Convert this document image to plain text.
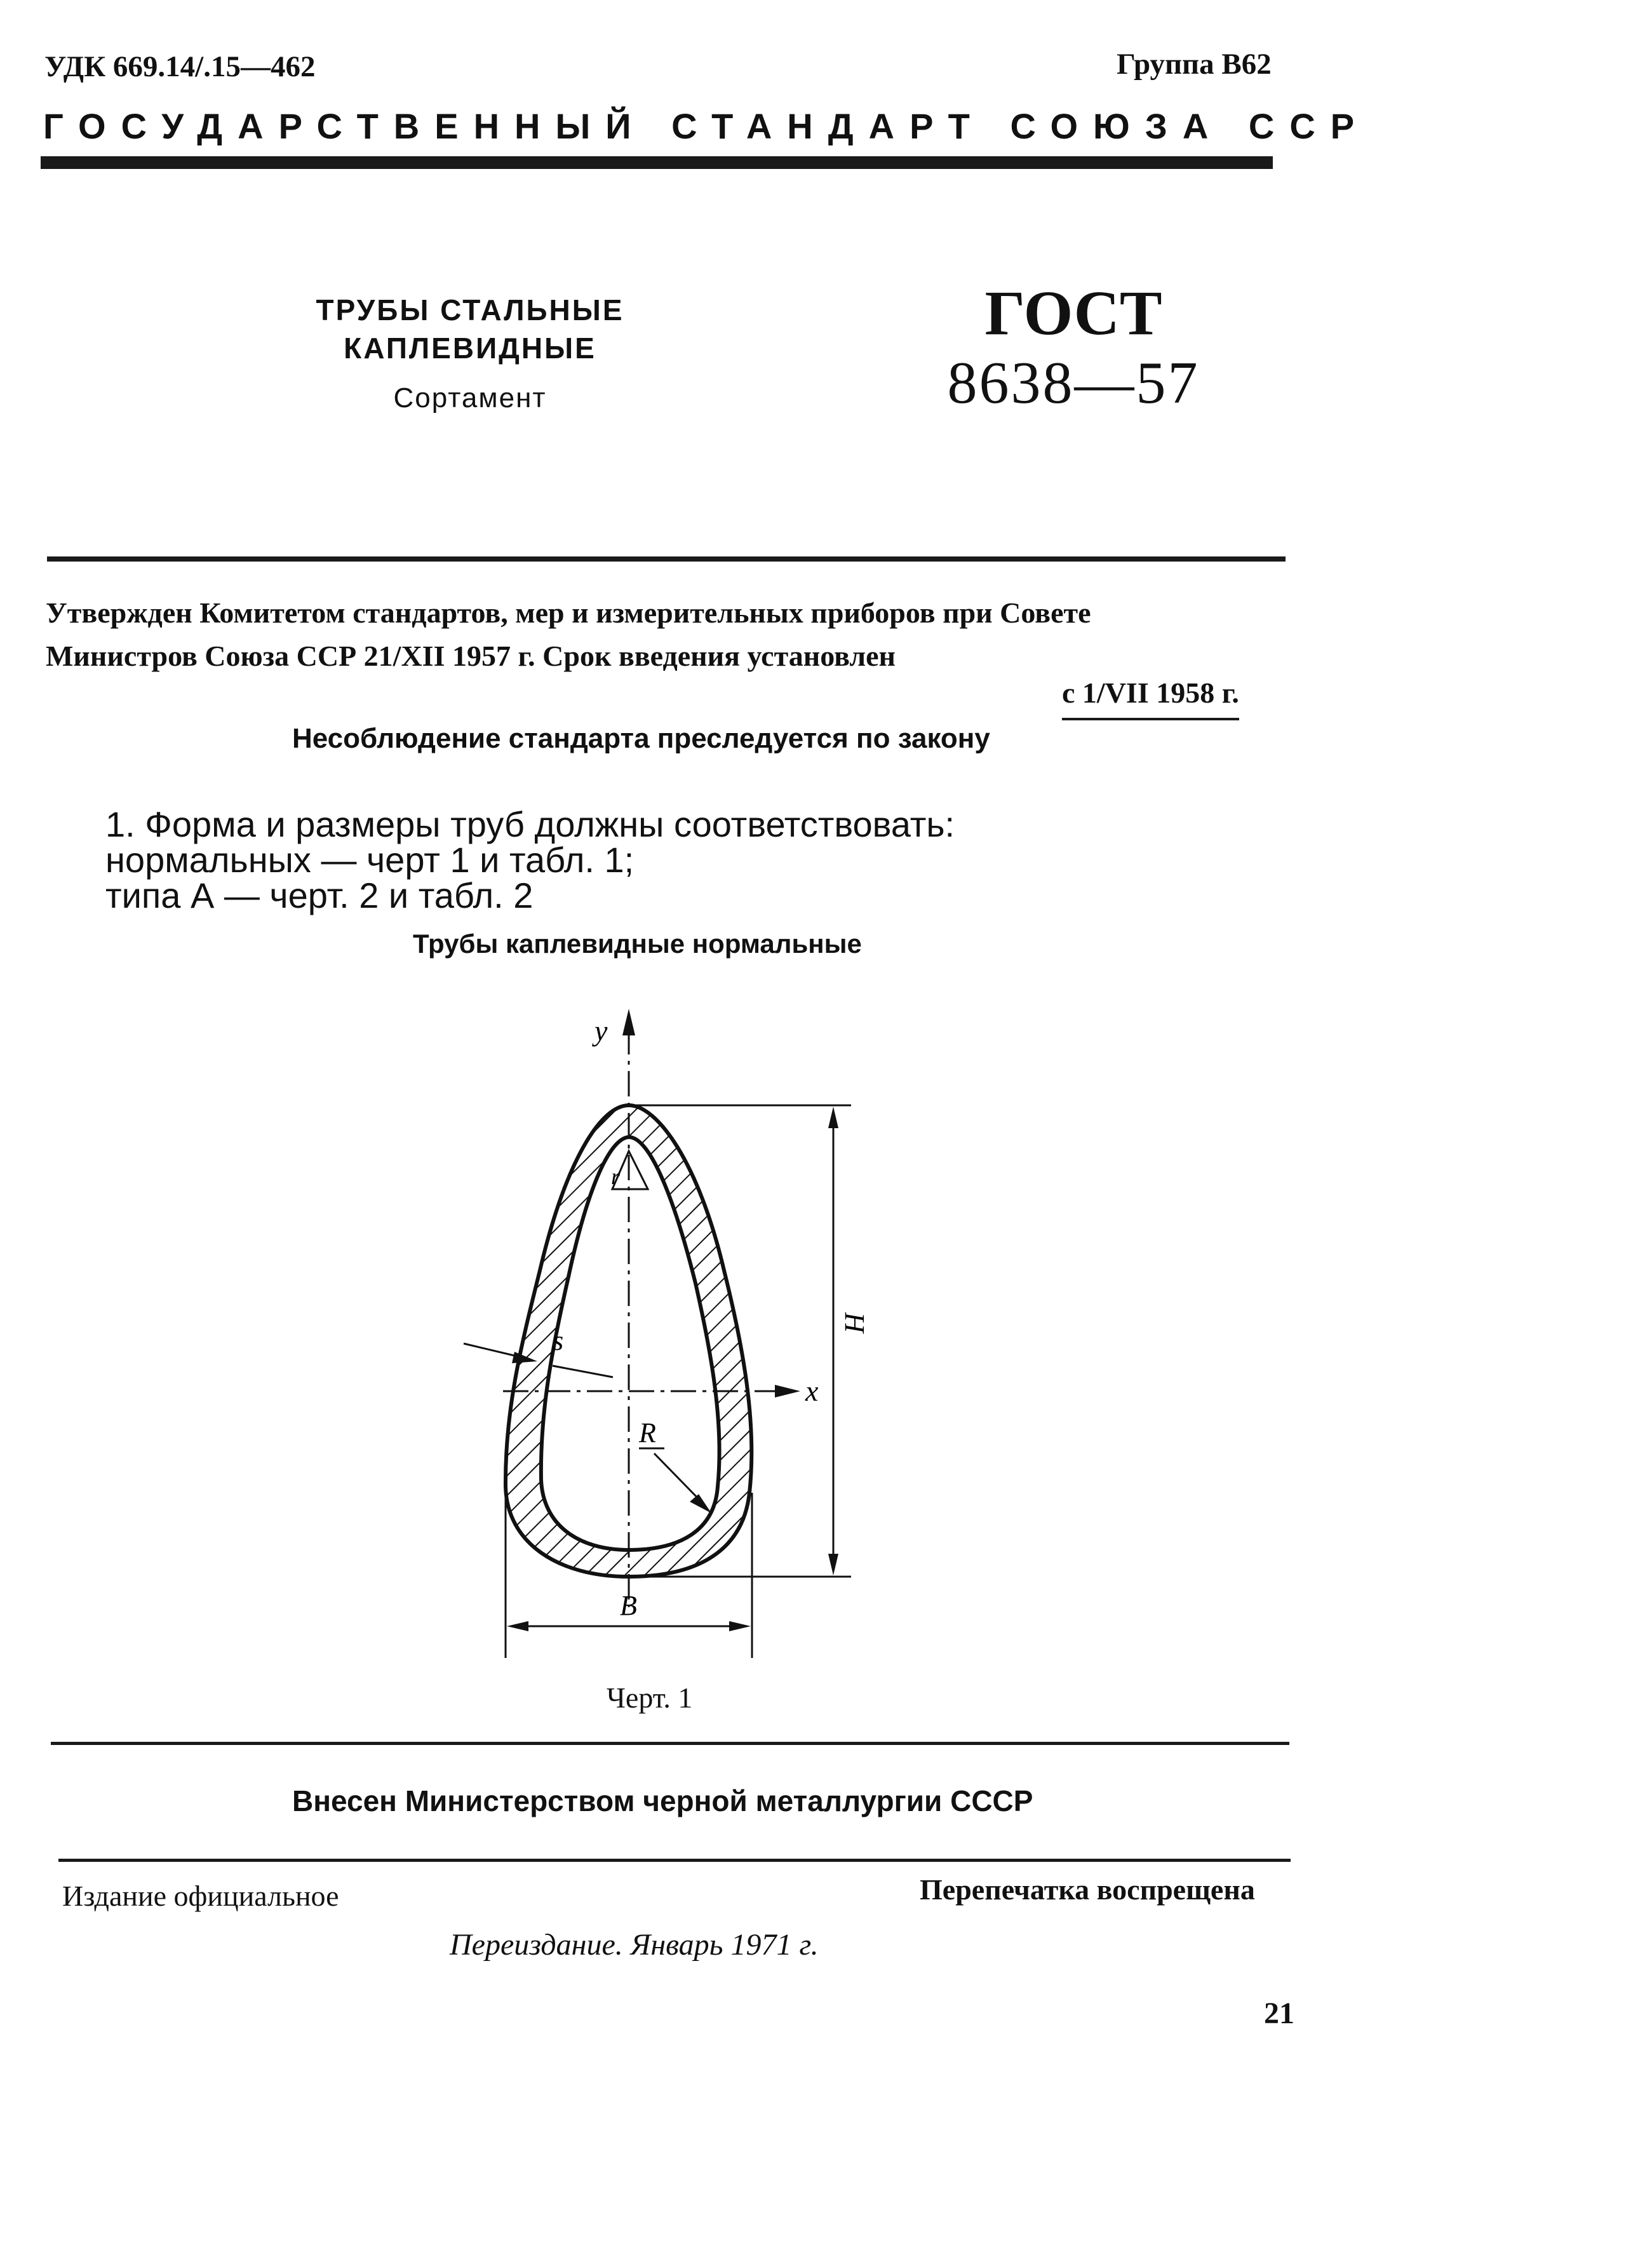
УДК 669.14/.15—462	Группа В62
ГОСУДАРСТВЕННЫЙ СТАНДАРТ СОЮЗА ССР
ТРУБЫ СТАЛЬНЫЕ
КАПЛЕВИДНЫЕ
Сортамент
ГОСТ
8638—57
Утвержден Комитетом стандартов, мер и измерительных приборов при Совете
Министров Союза ССР 21/XII 1957 г. Срок введения установлен
с 1/VII 1958 г.
Несоблюдение стандарта преследуется по закону
1. Форма и размеры труб должны соответствовать:
нормальных — черт 1 и табл. 1;
типа А — черт. 2 и табл. 2
Трубы каплевидные нормальные
y
x
r
s
R
H
B
Черт. 1
Внесен Министерством черной металлургии СССР
Издание официальное	Перепечатка воспрещена
Переиздание. Январь 1971 г.
21
